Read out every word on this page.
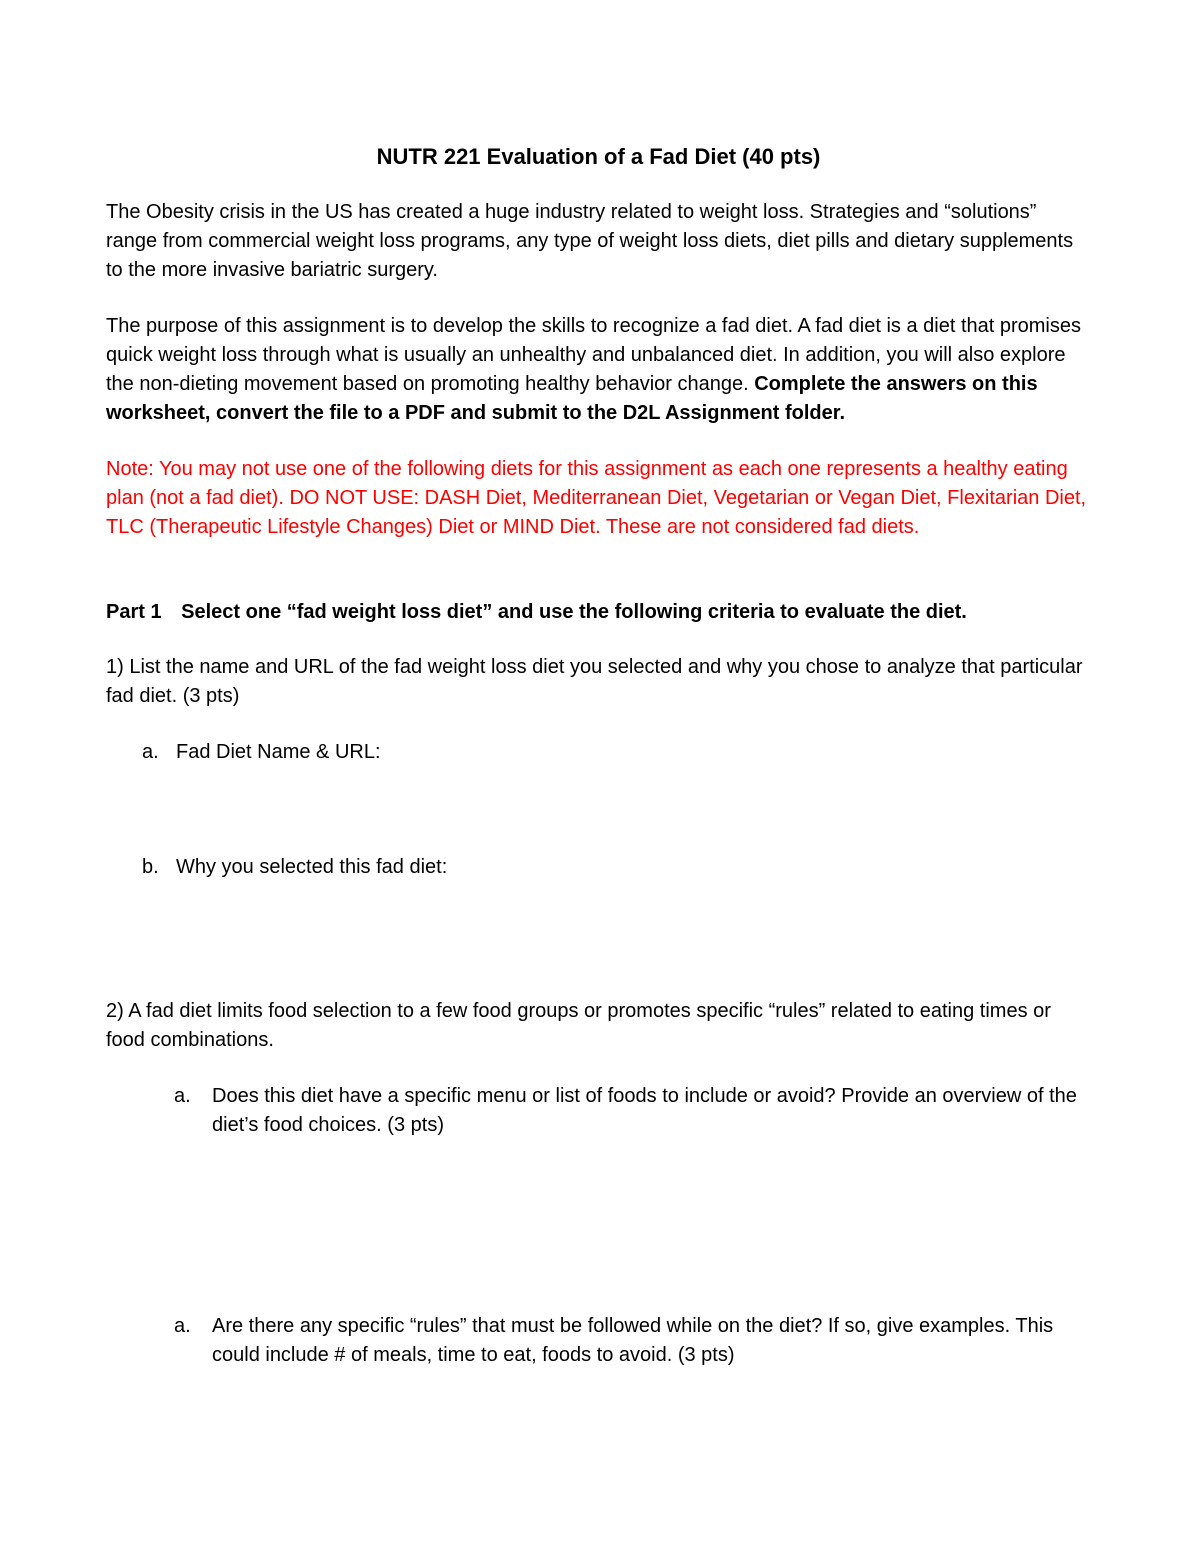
NUTR 221 Evaluation of a Fad Diet (40 pts)

The Obesity crisis in the US has created a huge industry related to weight loss. Strategies and “solutions” range from commercial weight loss programs, any type of weight loss diets, diet pills and dietary supplements to the more invasive bariatric surgery.

The purpose of this assignment is to develop the skills to recognize a fad diet. A fad diet is a diet that promises quick weight loss through what is usually an unhealthy and unbalanced diet. In addition, you will also explore the non-dieting movement based on promoting healthy behavior change. Complete the answers on this worksheet, convert the file to a PDF and submit to the D2L Assignment folder.

Note: You may not use one of the following diets for this assignment as each one represents a healthy eating plan (not a fad diet). DO NOT USE: DASH Diet, Mediterranean Diet, Vegetarian or Vegan Diet, Flexitarian Diet, TLC (Therapeutic Lifestyle Changes) Diet or MIND Diet. These are not considered fad diets.

Part 1 Select one “fad weight loss diet” and use the following criteria to evaluate the diet.

1) List the name and URL of the fad weight loss diet you selected and why you chose to analyze that particular fad diet. (3 pts)

a. Fad Diet Name & URL:
b. Why you selected this fad diet:

2) A fad diet limits food selection to a few food groups or promotes specific “rules” related to eating times or food combinations.

a. Does this diet have a specific menu or list of foods to include or avoid? Provide an overview of the diet’s food choices. (3 pts)
a. Are there any specific “rules” that must be followed while on the diet? If so, give examples. This could include # of meals, time to eat, foods to avoid. (3 pts)
